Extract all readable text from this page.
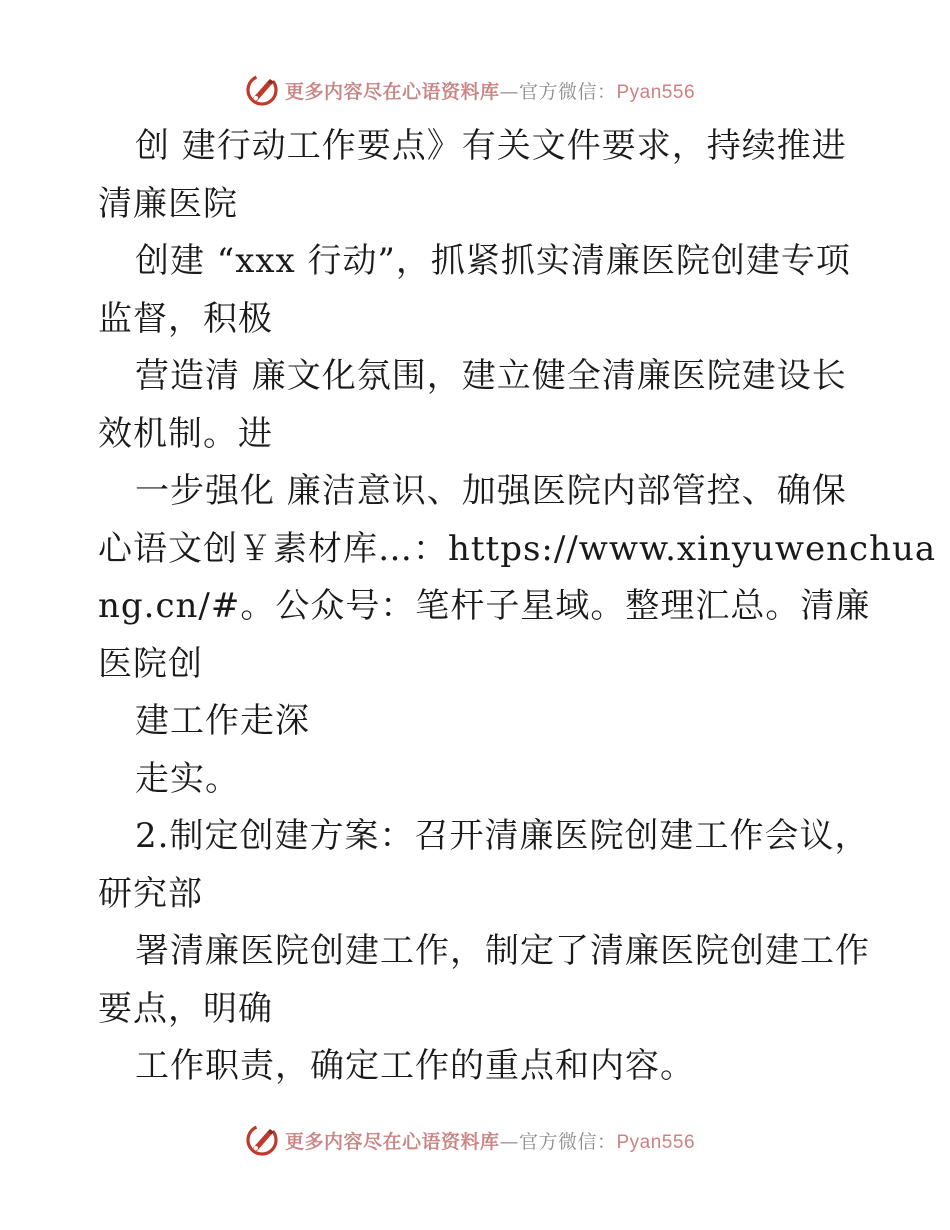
更多内容尽在心语资料库—官方微信：Pyan556
创 建行动工作要点》有关文件要求，持续推进
清廉医院
创建 “xxx 行动”，抓紧抓实清廉医院创建专项
监督，积极
营造清 廉文化氛围，建立健全清廉医院建设长
效机制。进
一步强化 廉洁意识、加强医院内部管控、确保
心语文创￥素材库…：https://www.xinyuwenchua
ng.cn/#。公众号：笔杆子星域。整理汇总。清廉
医院创
建工作走深
走实。
2.制定创建方案：召开清廉医院创建工作会议，
研究部
署清廉医院创建工作，制定了清廉医院创建工作
要点，明确
工作职责，确定工作的重点和内容。
更多内容尽在心语资料库—官方微信：Pyan556
